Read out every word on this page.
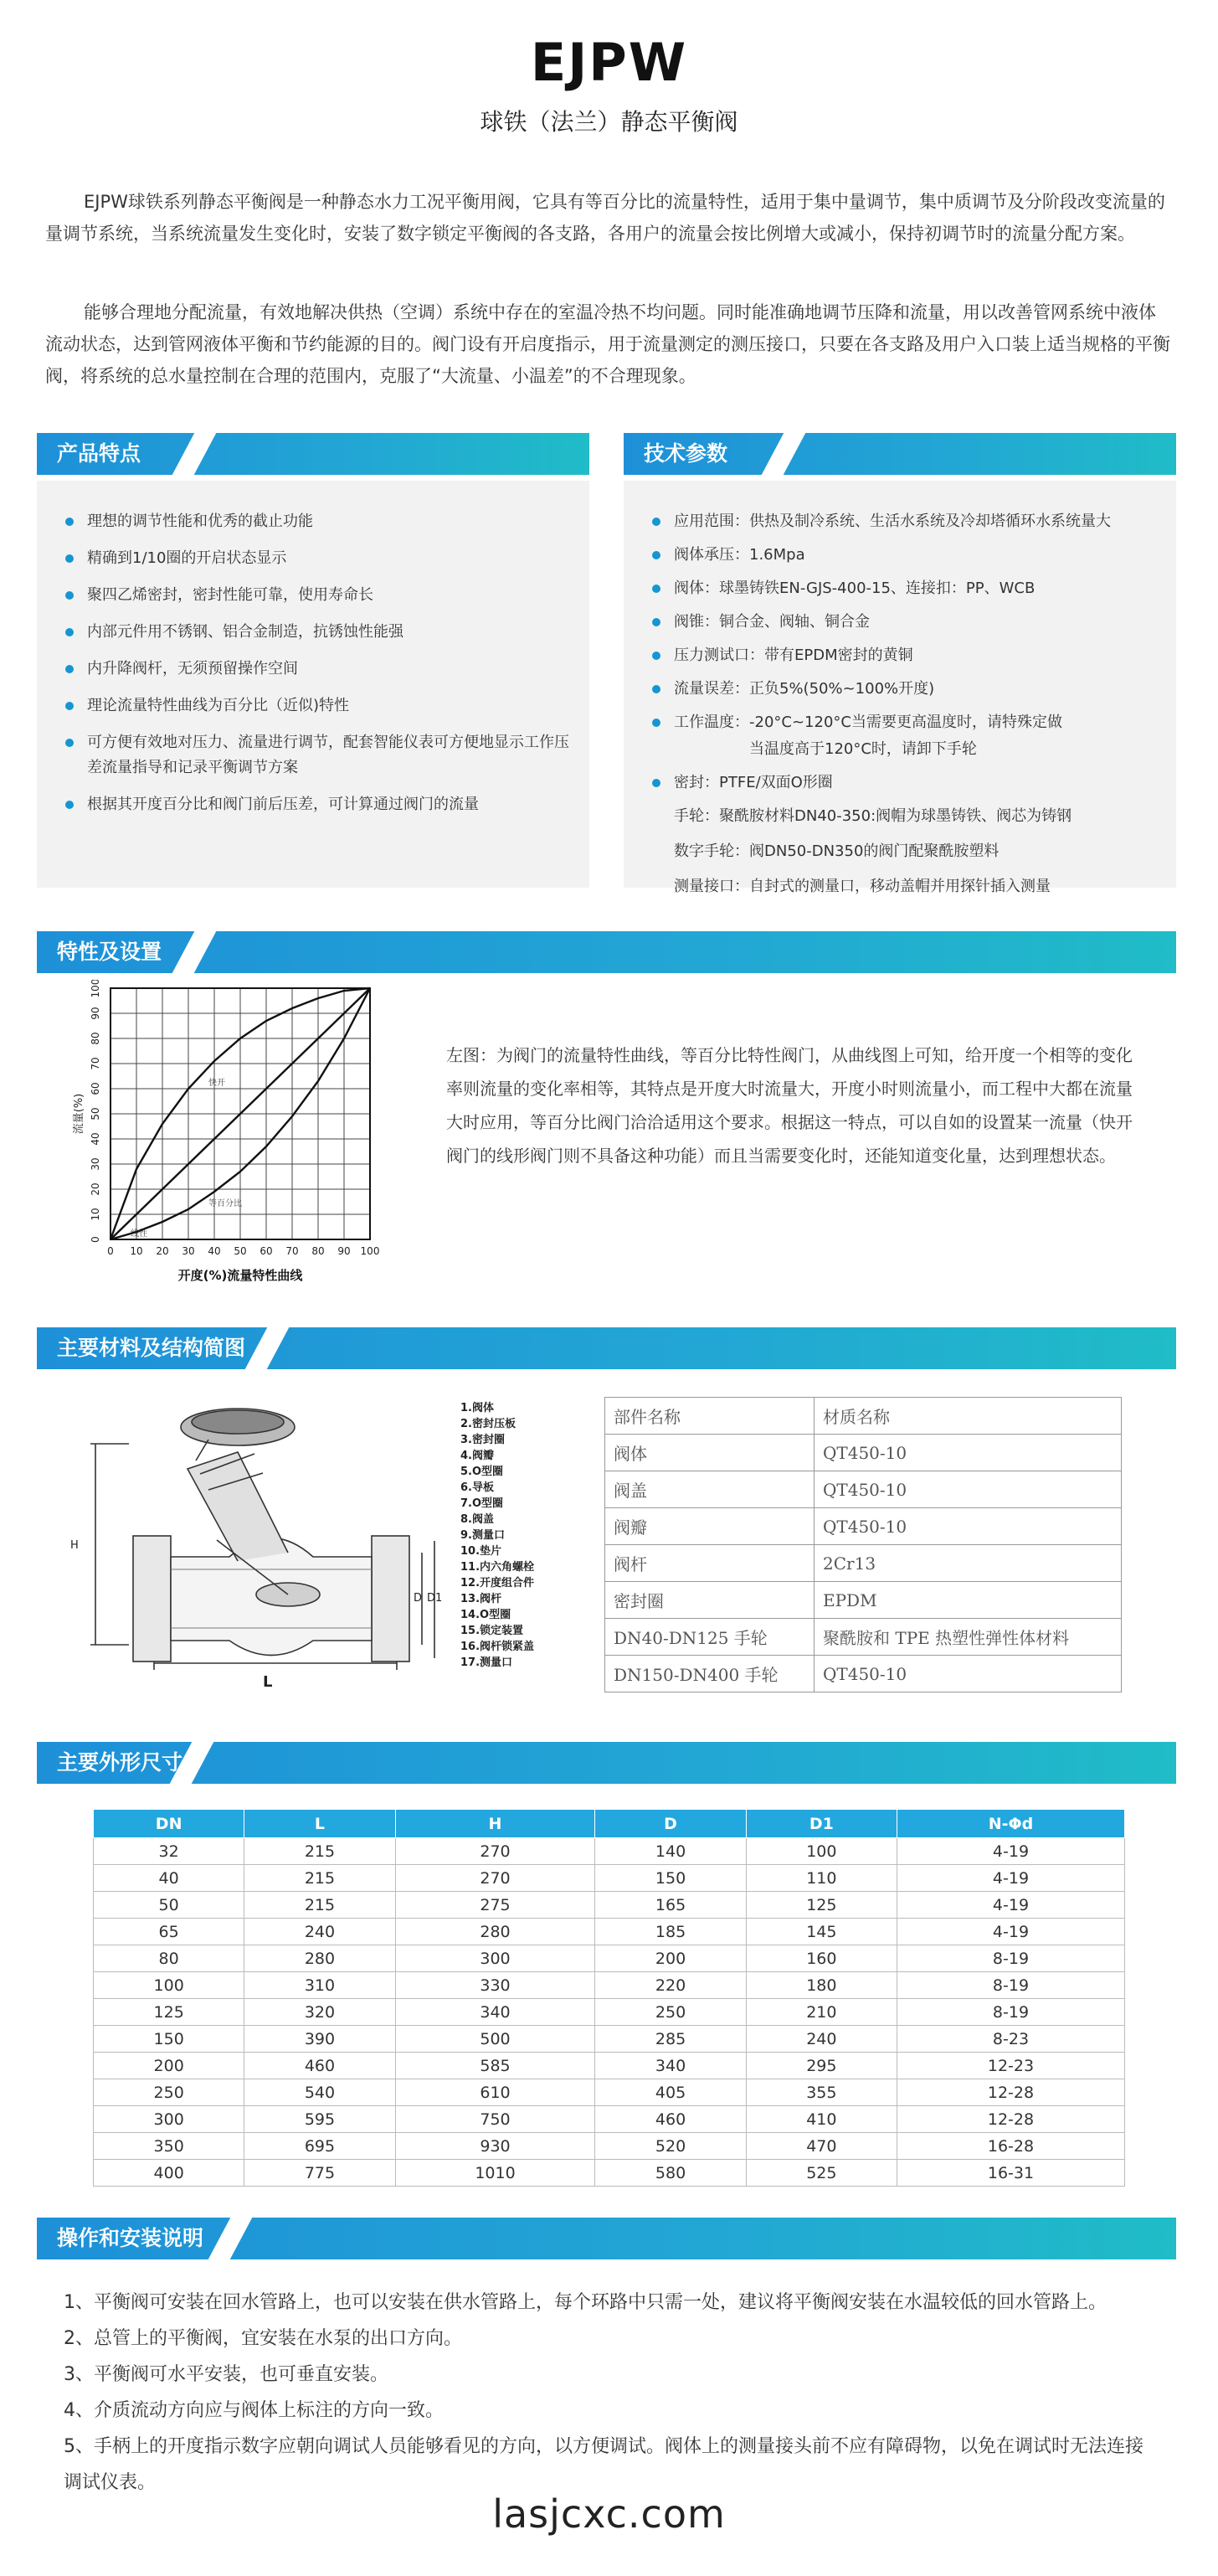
EJPW
球铁（法兰）静态平衡阀

EJPW球铁系列静态平衡阀是一种静态水力工况平衡用阀，它具有等百分比的流量特性，适用于集中量调节，集中质调节及分阶段改变流量的量调节系统，当系统流量发生变化时，安装了数字锁定平衡阀的各支路，各用户的流量会按比例增大或减小，保持初调节时的流量分配方案。

能够合理地分配流量，有效地解决供热（空调）系统中存在的室温冷热不均问题。同时能准确地调节压降和流量，用以改善管网系统中液体流动状态，达到管网液体平衡和节约能源的目的。阀门设有开启度指示，用于流量测定的测压接口，只要在各支路及用户入口装上适当规格的平衡阀，将系统的总水量控制在合理的范围内，克服了“大流量、小温差”的不合理现象。

产品特点
理想的调节性能和优秀的截止功能
精确到1/10圈的开启状态显示
聚四乙烯密封，密封性能可靠，使用寿命长
内部元件用不锈钢、铝合金制造，抗锈蚀性能强
内升降阀杆，无须预留操作空间
理论流量特性曲线为百分比（近似)特性
可方便有效地对压力、流量进行调节，配套智能仪表可方便地显示工作压差流量指导和记录平衡调节方案
根据其开度百分比和阀门前后压差，可计算通过阀门的流量
技术参数
应用范围：供热及制冷系统、生活水系统及冷却塔循环水系统量大
阀体承压：1.6Mpa
阀体：球墨铸铁EN-GJS-400-15、连接扣：PP、WCB
阀锥：铜合金、阀轴、铜合金
压力测试口：带有EPDM密封的黄铜
流量误差：正负5%(50%~100%开度)
工作温度：-20°C~120°C当需要更高温度时，请特殊定做
当温度高于120°C时，请卸下手轮
密封：PTFE/双面O形圈
手轮：聚酰胺材料DN40-350:阀帽为球墨铸铁、阀芯为铸钢
数字手轮：阀DN50-DN350的阀门配聚酰胺塑料
测量接口：自封式的测量口，移动盖帽并用探针插入测量
特性及设置
0 10 20 30 40 50 60 70 80 90 100
0
10
20
30
40
50
60
70
80
90
100
流量(%)
开度(%)流量特性曲线
快开
线性
等百分比

左图：为阀门的流量特性曲线，等百分比特性阀门，从曲线图上可知，给开度一个相等的变化率则流量的变化率相等，其特点是开度大时流量大，开度小时则流量小，而工程中大都在流量大时应用，等百分比阀门洽洽适用这个要求。根据这一特点，可以自如的设置某一流量（快开阀门的线形阀门则不具备这种功能）而且当需要变化时，还能知道变化量，达到理想状态。

主要材料及结构简图
H
L
D D1
1.阀体
2.密封压板
3.密封圈
4.阀瓣
5.O型圈
6.导板
7.O型圈
8.阀盖
9.测量口
10.垫片
11.内六角螺栓
12.开度组合件
13.阀杆
14.O型圈
15.锁定装置
16.阀杆锁紧盖
17.测量口
部件名称	材质名称
阀体	QT450-10
阀盖	QT450-10
阀瓣	QT450-10
阀杆	2Cr13
密封圈	EPDM
DN40-DN125 手轮	聚酰胺和 TPE 热塑性弹性体材料
DN150-DN400 手轮	QT450-10
主要外形尺寸
DN	L	H	D	D1	N-Φd
32	215	270	140	100	4-19
40	215	270	150	110	4-19
50	215	275	165	125	4-19
65	240	280	185	145	4-19
80	280	300	200	160	8-19
100	310	330	220	180	8-19
125	320	340	250	210	8-19
150	390	500	285	240	8-23
200	460	585	340	295	12-23
250	540	610	405	355	12-28
300	595	750	460	410	12-28
350	695	930	520	470	16-28
400	775	1010	580	525	16-31
操作和安装说明

1、平衡阀可安装在回水管路上，也可以安装在供水管路上，每个环路中只需一处，建议将平衡阀安装在水温较低的回水管路上。

2、总管上的平衡阀，宜安装在水泵的出口方向。

3、平衡阀可水平安装，也可垂直安装。

4、介质流动方向应与阀体上标注的方向一致。

5、手柄上的开度指示数字应朝向调试人员能够看见的方向，以方便调试。阀体上的测量接头前不应有障碍物，以免在调试时无法连接调试仪表。

lasjcxc.com
